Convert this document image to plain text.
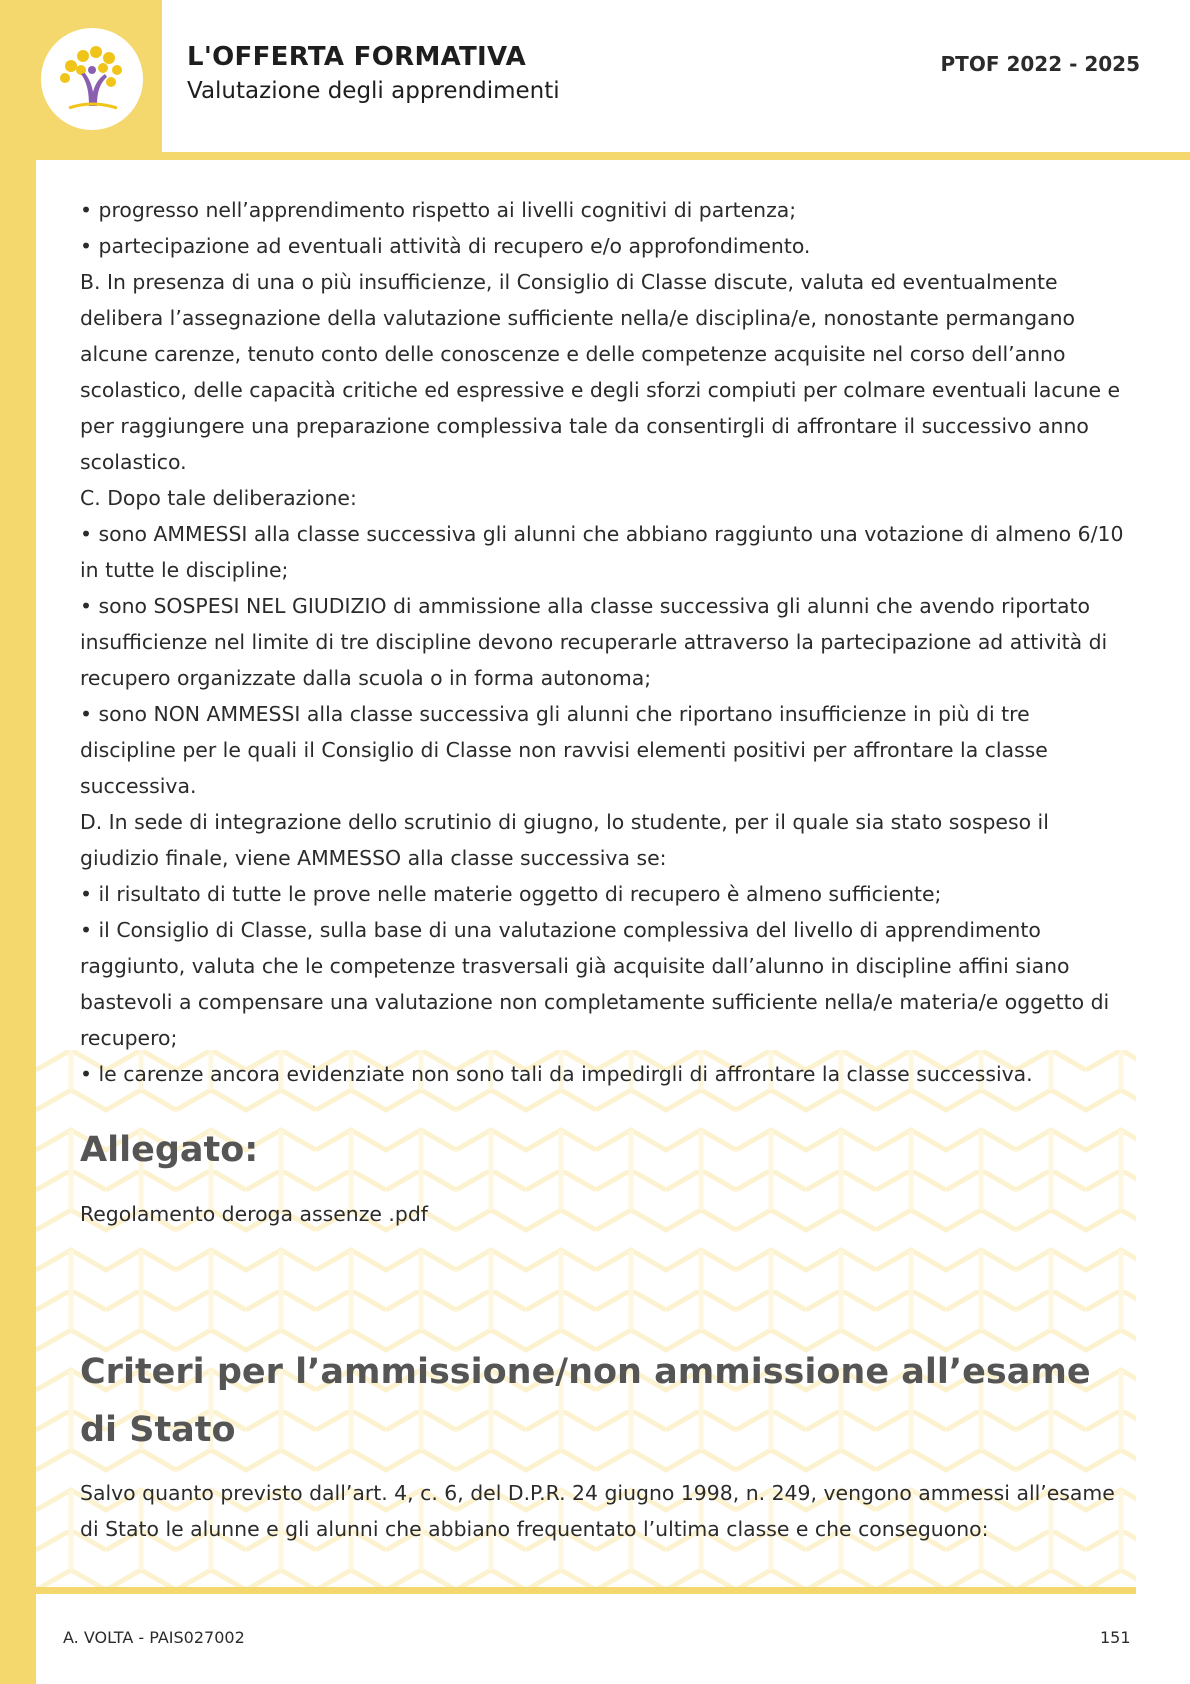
L'OFFERTA FORMATIVA
Valutazione degli apprendimenti
PTOF 2022 - 2025

• progresso nell’apprendimento rispetto ai livelli cognitivi di partenza;

• partecipazione ad eventuali attività di recupero e/o approfondimento.

B. In presenza di una o più insufficienze, il Consiglio di Classe discute, valuta ed eventualmente delibera l’assegnazione della valutazione sufficiente nella/e disciplina/e, nonostante permangano alcune carenze, tenuto conto delle conoscenze e delle competenze acquisite nel corso dell’anno scolastico, delle capacità critiche ed espressive e degli sforzi compiuti per colmare eventuali lacune e per raggiungere una preparazione complessiva tale da consentirgli di affrontare il successivo anno scolastico.

C. Dopo tale deliberazione:

• sono AMMESSI alla classe successiva gli alunni che abbiano raggiunto una votazione di almeno 6/10 in tutte le discipline;

• sono SOSPESI NEL GIUDIZIO di ammissione alla classe successiva gli alunni che avendo riportato insufficienze nel limite di tre discipline devono recuperarle attraverso la partecipazione ad attività di recupero organizzate dalla scuola o in forma autonoma;

• sono NON AMMESSI alla classe successiva gli alunni che riportano insufficienze in più di tre discipline per le quali il Consiglio di Classe non ravvisi elementi positivi per affrontare la classe successiva.

D. In sede di integrazione dello scrutinio di giugno, lo studente, per il quale sia stato sospeso il giudizio finale, viene AMMESSO alla classe successiva se:

• il risultato di tutte le prove nelle materie oggetto di recupero è almeno sufficiente;

• il Consiglio di Classe, sulla base di una valutazione complessiva del livello di apprendimento raggiunto, valuta che le competenze trasversali già acquisite dall’alunno in discipline affini siano bastevoli a compensare una valutazione non completamente sufficiente nella/e materia/e oggetto di recupero;

• le carenze ancora evidenziate non sono tali da impedirgli di affrontare la classe successiva.

Allegato:
Regolamento deroga assenze .pdf
Criteri per l’ammissione/non ammissione all’esame di Stato

Salvo quanto previsto dall’art. 4, c. 6, del D.P.R. 24 giugno 1998, n. 249, vengono ammessi all’esame di Stato le alunne e gli alunni che abbiano frequentato l’ultima classe e che conseguono:

A. VOLTA - PAIS027002	151
